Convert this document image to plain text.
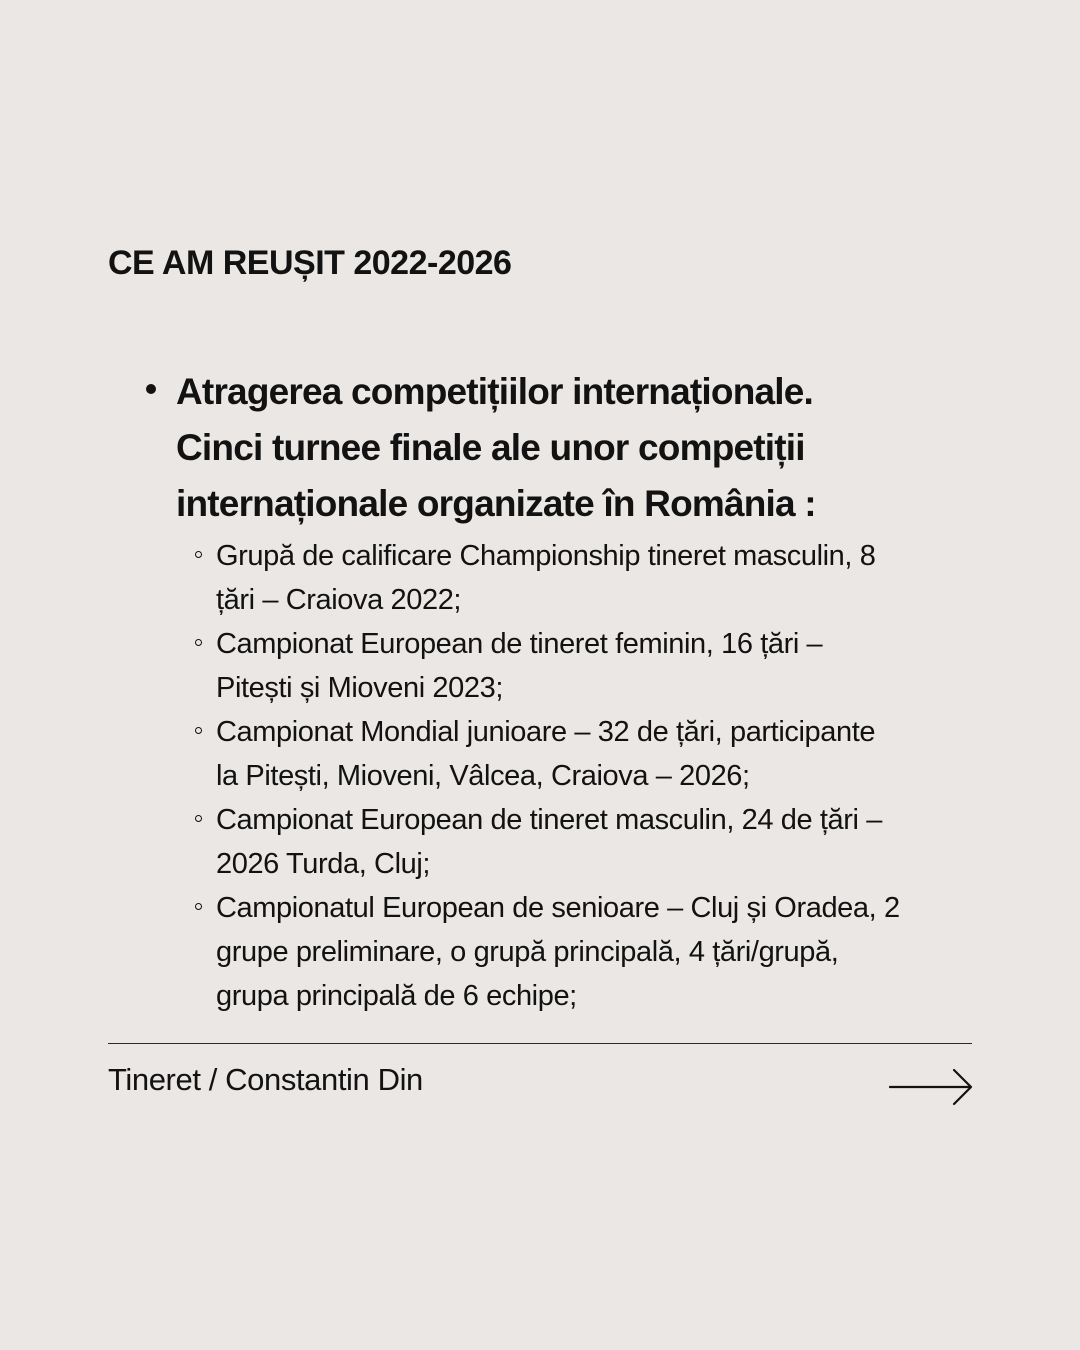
CE AM REUȘIT 2022-2026
Atragerea competițiilor internaționale.
Cinci turnee finale ale unor competiții
internaționale organizate în România :
Grupă de calificare Championship tineret masculin, 8
țări – Craiova 2022;
Campionat European de tineret feminin, 16 țări –
Pitești și Mioveni 2023;
Campionat Mondial junioare – 32 de țări, participante
la Pitești, Mioveni, Vâlcea, Craiova – 2026;
Campionat European de tineret masculin, 24 de țări –
2026 Turda, Cluj;
Campionatul European de senioare – Cluj și Oradea, 2
grupe preliminare, o grupă principală, 4 țări/grupă,
grupa principală de 6 echipe;
Tineret / Constantin Din
